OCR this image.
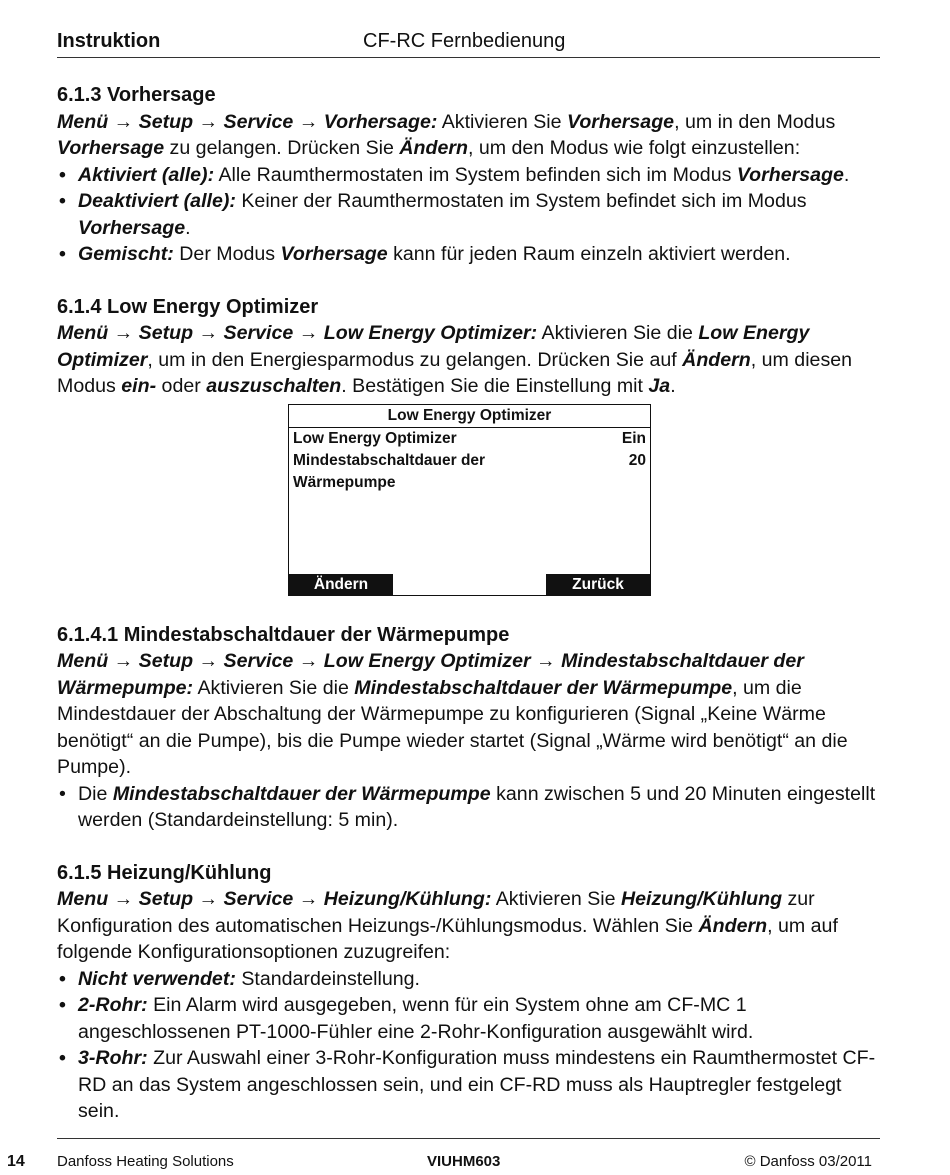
Instruktion	CF-RC Fernbedienung
6.1.3 Vorhersage

Menü → Setup → Service → Vorhersage: Aktivieren Sie Vorhersage, um in den Modus Vorhersage zu gelangen. Drücken Sie Ändern, um den Modus wie folgt einzustellen:

• Aktiviert (alle): Alle Raumthermostaten im System befinden sich im Modus Vorhersage.
• Deaktiviert (alle): Keiner der Raumthermostaten im System befindet sich im Modus Vorhersage.
• Gemischt: Der Modus Vorhersage kann für jeden Raum einzeln aktiviert werden.
6.1.4 Low Energy Optimizer

Menü → Setup → Service → Low Energy Optimizer: Aktivieren Sie die Low Energy Optimizer, um in den Energiesparmodus zu gelangen. Drücken Sie auf Ändern, um diesen Modus ein- oder auszuschalten. Bestätigen Sie die Einstellung mit Ja.

Low Energy Optimizer
Low Energy Optimizer	Ein
Mindestabschaltdauer der	20
Wärmepumpe
Ändern	Zurück
6.1.4.1 Mindestabschaltdauer der Wärmepumpe

Menü → Setup → Service → Low Energy Optimizer → Mindestabschaltdauer der Wärmepumpe: Aktivieren Sie die Mindestabschaltdauer der Wärmepumpe, um die Mindestdauer der Abschaltung der Wärmepumpe zu konfigurieren (Signal „Keine Wärme benötigt“ an die Pumpe), bis die Pumpe wieder startet (Signal „Wärme wird benötigt“ an die Pumpe).

• Die Mindestabschaltdauer der Wärmepumpe kann zwischen 5 und 20 Minuten eingestellt werden (Standardeinstellung: 5 min).
6.1.5 Heizung/Kühlung

Menu → Setup → Service → Heizung/Kühlung: Aktivieren Sie Heizung/Kühlung zur Konfiguration des automatischen Heizungs-/Kühlungsmodus. Wählen Sie Ändern, um auf folgende Konfigurationsoptionen zuzugreifen:

• Nicht verwendet: Standardeinstellung.
• 2-Rohr: Ein Alarm wird ausgegeben, wenn für ein System ohne am CF-MC 1 angeschlossenen PT-1000-Fühler eine 2-Rohr-Konfiguration ausgewählt wird.
• 3-Rohr: Zur Auswahl einer 3-Rohr-Konfiguration muss mindestens ein Raumthermostet CF-RD an das System angeschlossen sein, und ein CF-RD muss als Hauptregler festgelegt sein.
14 Danfoss Heating Solutions	VIUHM603	© Danfoss 03/2011
